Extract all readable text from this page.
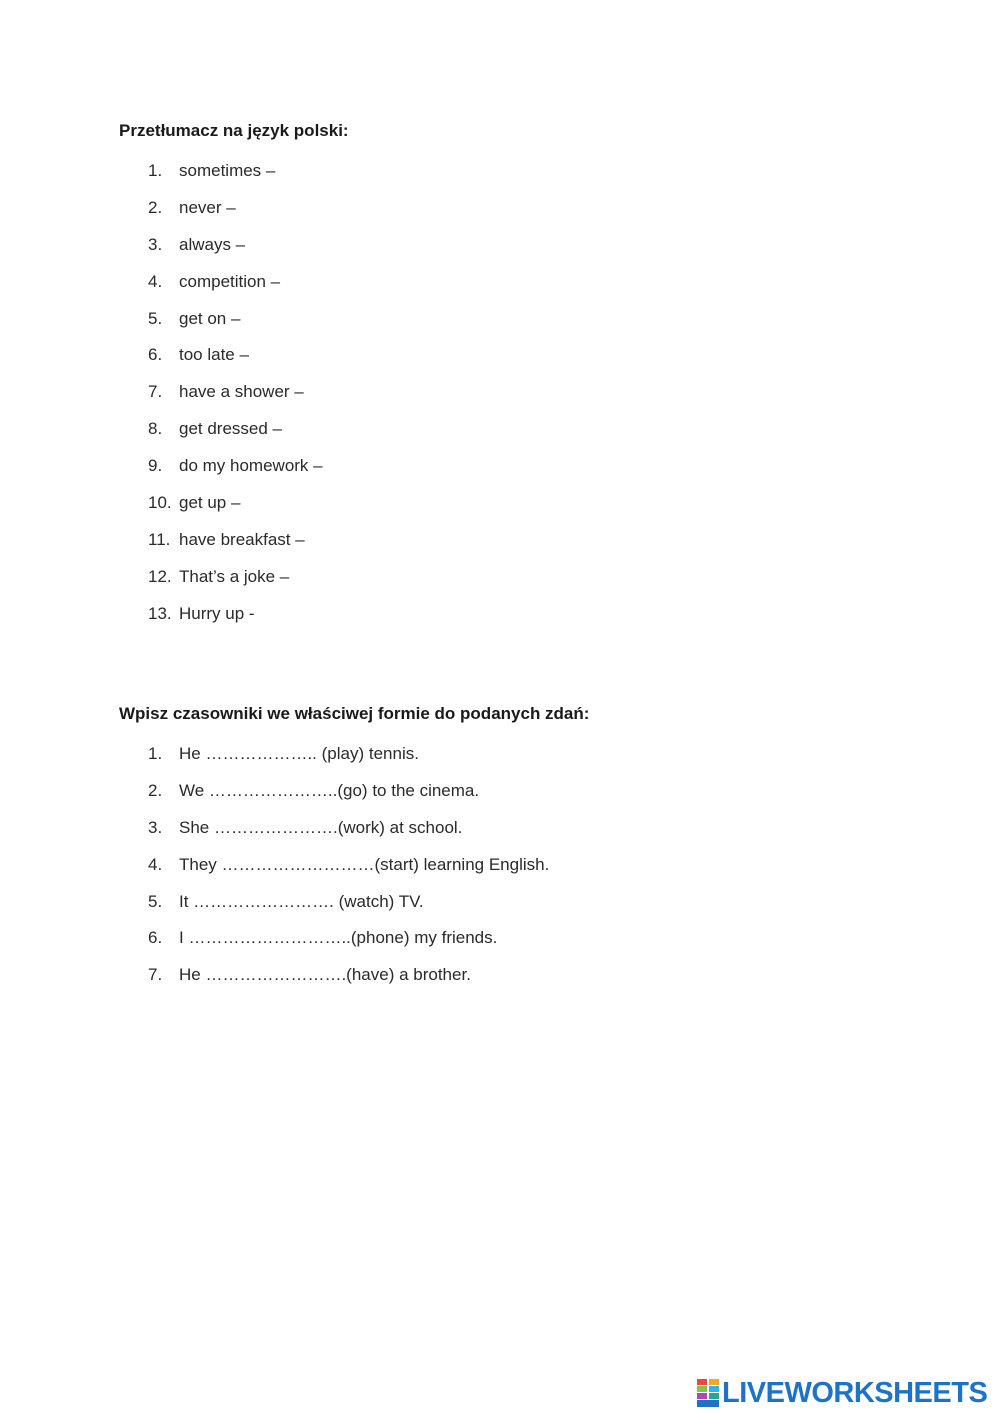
Przetłumacz na język polski:
1. sometimes –
2. never –
3. always –
4. competition –
5. get on –
6. too late –
7. have a shower –
8. get dressed –
9. do my homework –
10. get up –
11. have breakfast –
12. That’s a joke –
13. Hurry up -
Wpisz czasowniki we właściwej formie do podanych zdań:
1. He ……………….. (play) tennis.
2. We …………………..(go) to the cinema.
3. She ………………….(work) at school.
4. They ………………………(start) learning English.
5. It ……………………. (watch) TV.
6. I ………………………..(phone) my friends.
7. He …………………….(have) a brother.
LIVEWORKSHEETS
